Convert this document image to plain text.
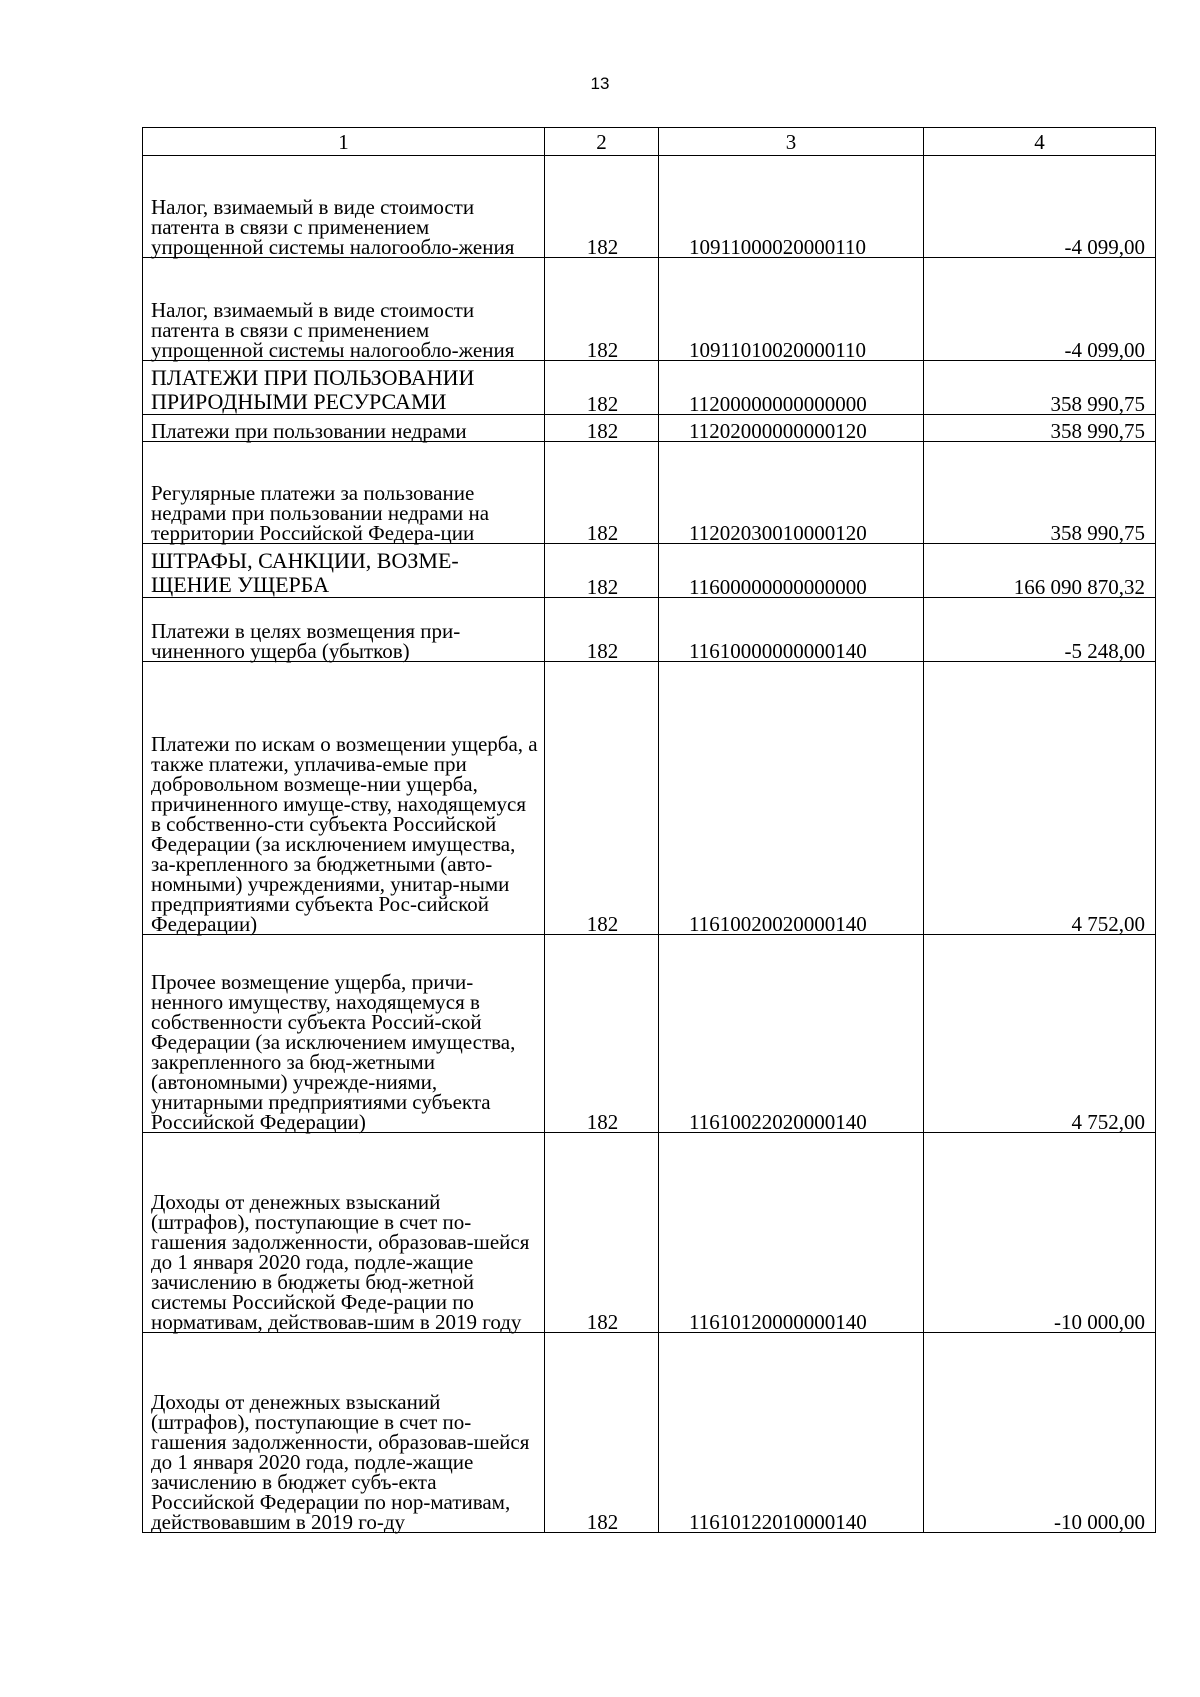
13
1	2	3	4
Налог, взимаемый в виде стоимости патента в связи с применением упрощенной системы налогообло-жения	182	10911000020000110	-4 099,00
Налог, взимаемый в виде стоимости патента в связи с применением упрощенной системы налогообло-жения	182	10911010020000110	-4 099,00
ПЛАТЕЖИ ПРИ ПОЛЬЗОВАНИИ ПРИРОДНЫМИ РЕСУРСАМИ	182	11200000000000000	358 990,75
Платежи при пользовании недрами	182	11202000000000120	358 990,75
Регулярные платежи за пользование недрами при пользовании недрами на территории Российской Федера-ции	182	11202030010000120	358 990,75
ШТРАФЫ, САНКЦИИ, ВОЗМЕ-ЩЕНИЕ УЩЕРБА	182	11600000000000000	166 090 870,32
Платежи в целях возмещения при-чиненного ущерба (убытков)	182	11610000000000140	-5 248,00
Платежи по искам о возмещении ущерба, а также платежи, уплачива-емые при добровольном возмеще-нии ущерба, причиненного имуще-ству, находящемуся в собственно-сти субъекта Российской Федерации (за исключением имущества, за-крепленного за бюджетными (авто-номными) учреждениями, унитар-ными предприятиями субъекта Рос-сийской Федерации)	182	11610020020000140	4 752,00
Прочее возмещение ущерба, причи-ненного имуществу, находящемуся в собственности субъекта Россий-ской Федерации (за исключением имущества, закрепленного за бюд-жетными (автономными) учрежде-ниями, унитарными предприятиями субъекта Российской Федерации)	182	11610022020000140	4 752,00
Доходы от денежных взысканий (штрафов), поступающие в счет по-гашения задолженности, образовав-шейся до 1 января 2020 года, подле-жащие зачислению в бюджеты бюд-жетной системы Российской Феде-рации по нормативам, действовав-шим в 2019 году	182	11610120000000140	-10 000,00
Доходы от денежных взысканий (штрафов), поступающие в счет по-гашения задолженности, образовав-шейся до 1 января 2020 года, подле-жащие зачислению в бюджет субъ-екта Российской Федерации по нор-мативам, действовавшим в 2019 го-ду	182	11610122010000140	-10 000,00
